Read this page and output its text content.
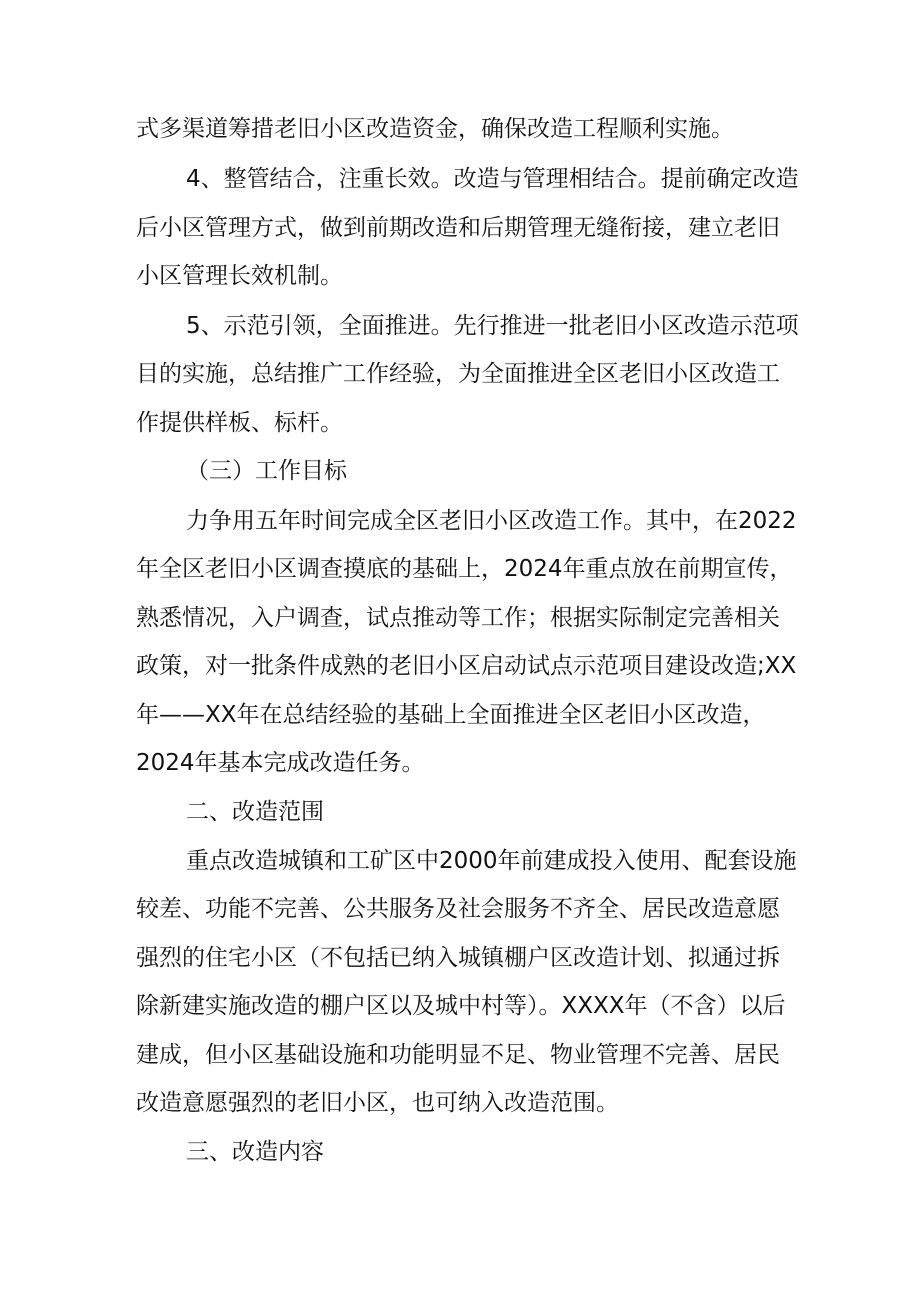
式多渠道筹措老旧小区改造资金，确保改造工程顺利实施。
4、整管结合，注重长效。改造与管理相结合。提前确定改造
后小区管理方式，做到前期改造和后期管理无缝衔接，建立老旧
小区管理长效机制。
5、示范引领，全面推进。先行推进一批老旧小区改造示范项
目的实施，总结推广工作经验，为全面推进全区老旧小区改造工
作提供样板、标杆。
（三）工作目标
力争用五年时间完成全区老旧小区改造工作。其中，在2022
年全区老旧小区调查摸底的基础上，2024年重点放在前期宣传，
熟悉情况，入户调查，试点推动等工作；根据实际制定完善相关
政策，对一批条件成熟的老旧小区启动试点示范项目建设改造;XX
年——XX年在总结经验的基础上全面推进全区老旧小区改造，
2024年基本完成改造任务。
二、改造范围
重点改造城镇和工矿区中2000年前建成投入使用、配套设施
较差、功能不完善、公共服务及社会服务不齐全、居民改造意愿
强烈的住宅小区（不包括已纳入城镇棚户区改造计划、拟通过拆
除新建实施改造的棚户区以及城中村等）。XXXX年（不含）以后
建成，但小区基础设施和功能明显不足、物业管理不完善、居民
改造意愿强烈的老旧小区，也可纳入改造范围。
三、改造内容
